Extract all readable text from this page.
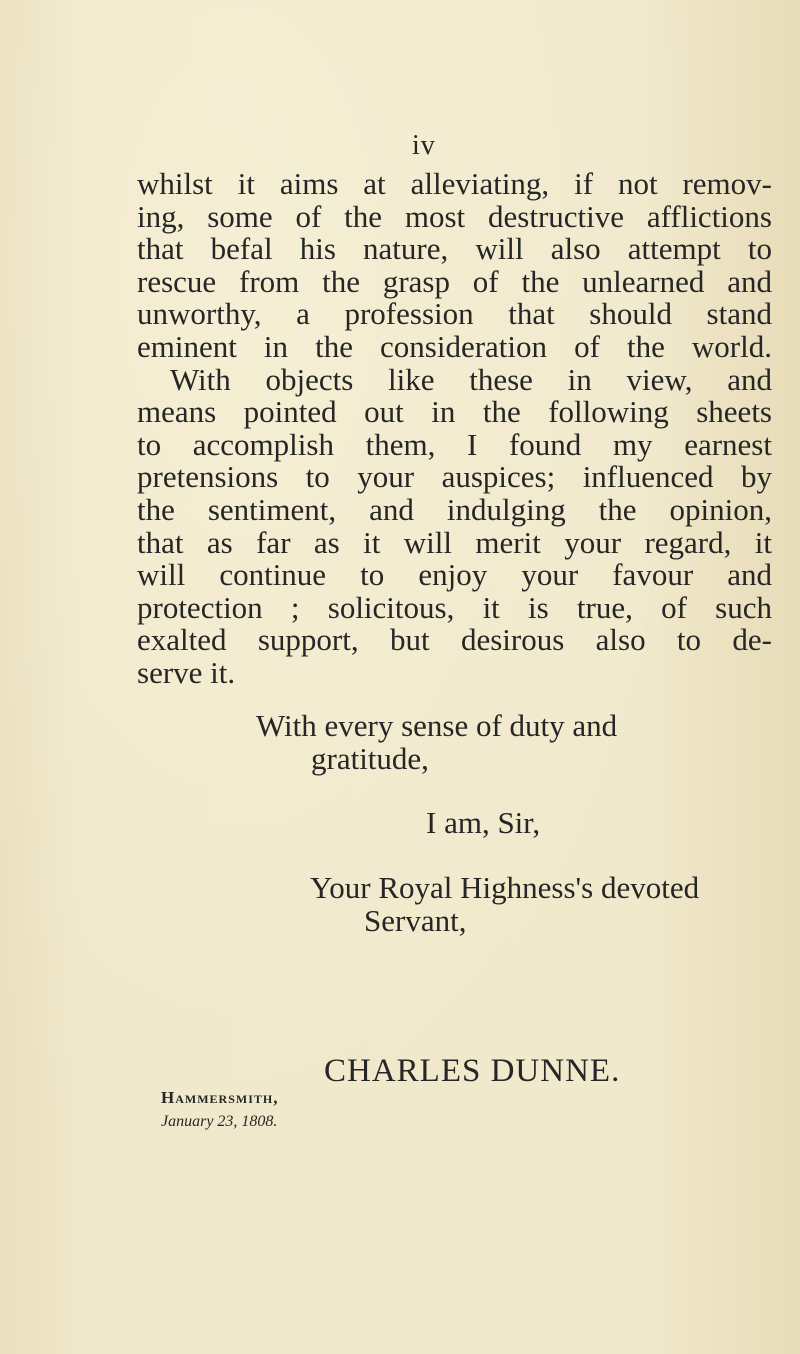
iv
whilst it aims at alleviating, if not remov-
ing, some of the most destructive afflictions
that befal his nature, will also attempt to
rescue from the grasp of the unlearned and
unworthy, a profession that should stand
eminent in the consideration of the world.
With objects like these in view, and
means pointed out in the following sheets
to accomplish them, I found my earnest
pretensions to your auspices; influenced by
the sentiment, and indulging the opinion,
that as far as it will merit your regard, it
will continue to enjoy your favour and
protection ; solicitous, it is true, of such
exalted support, but desirous also to de-
serve it.
With every sense of duty and
gratitude,
I am, Sir,
Your Royal Highness's devoted
Servant,
CHARLES DUNNE.
Hammersmith,
January 23, 1808.
